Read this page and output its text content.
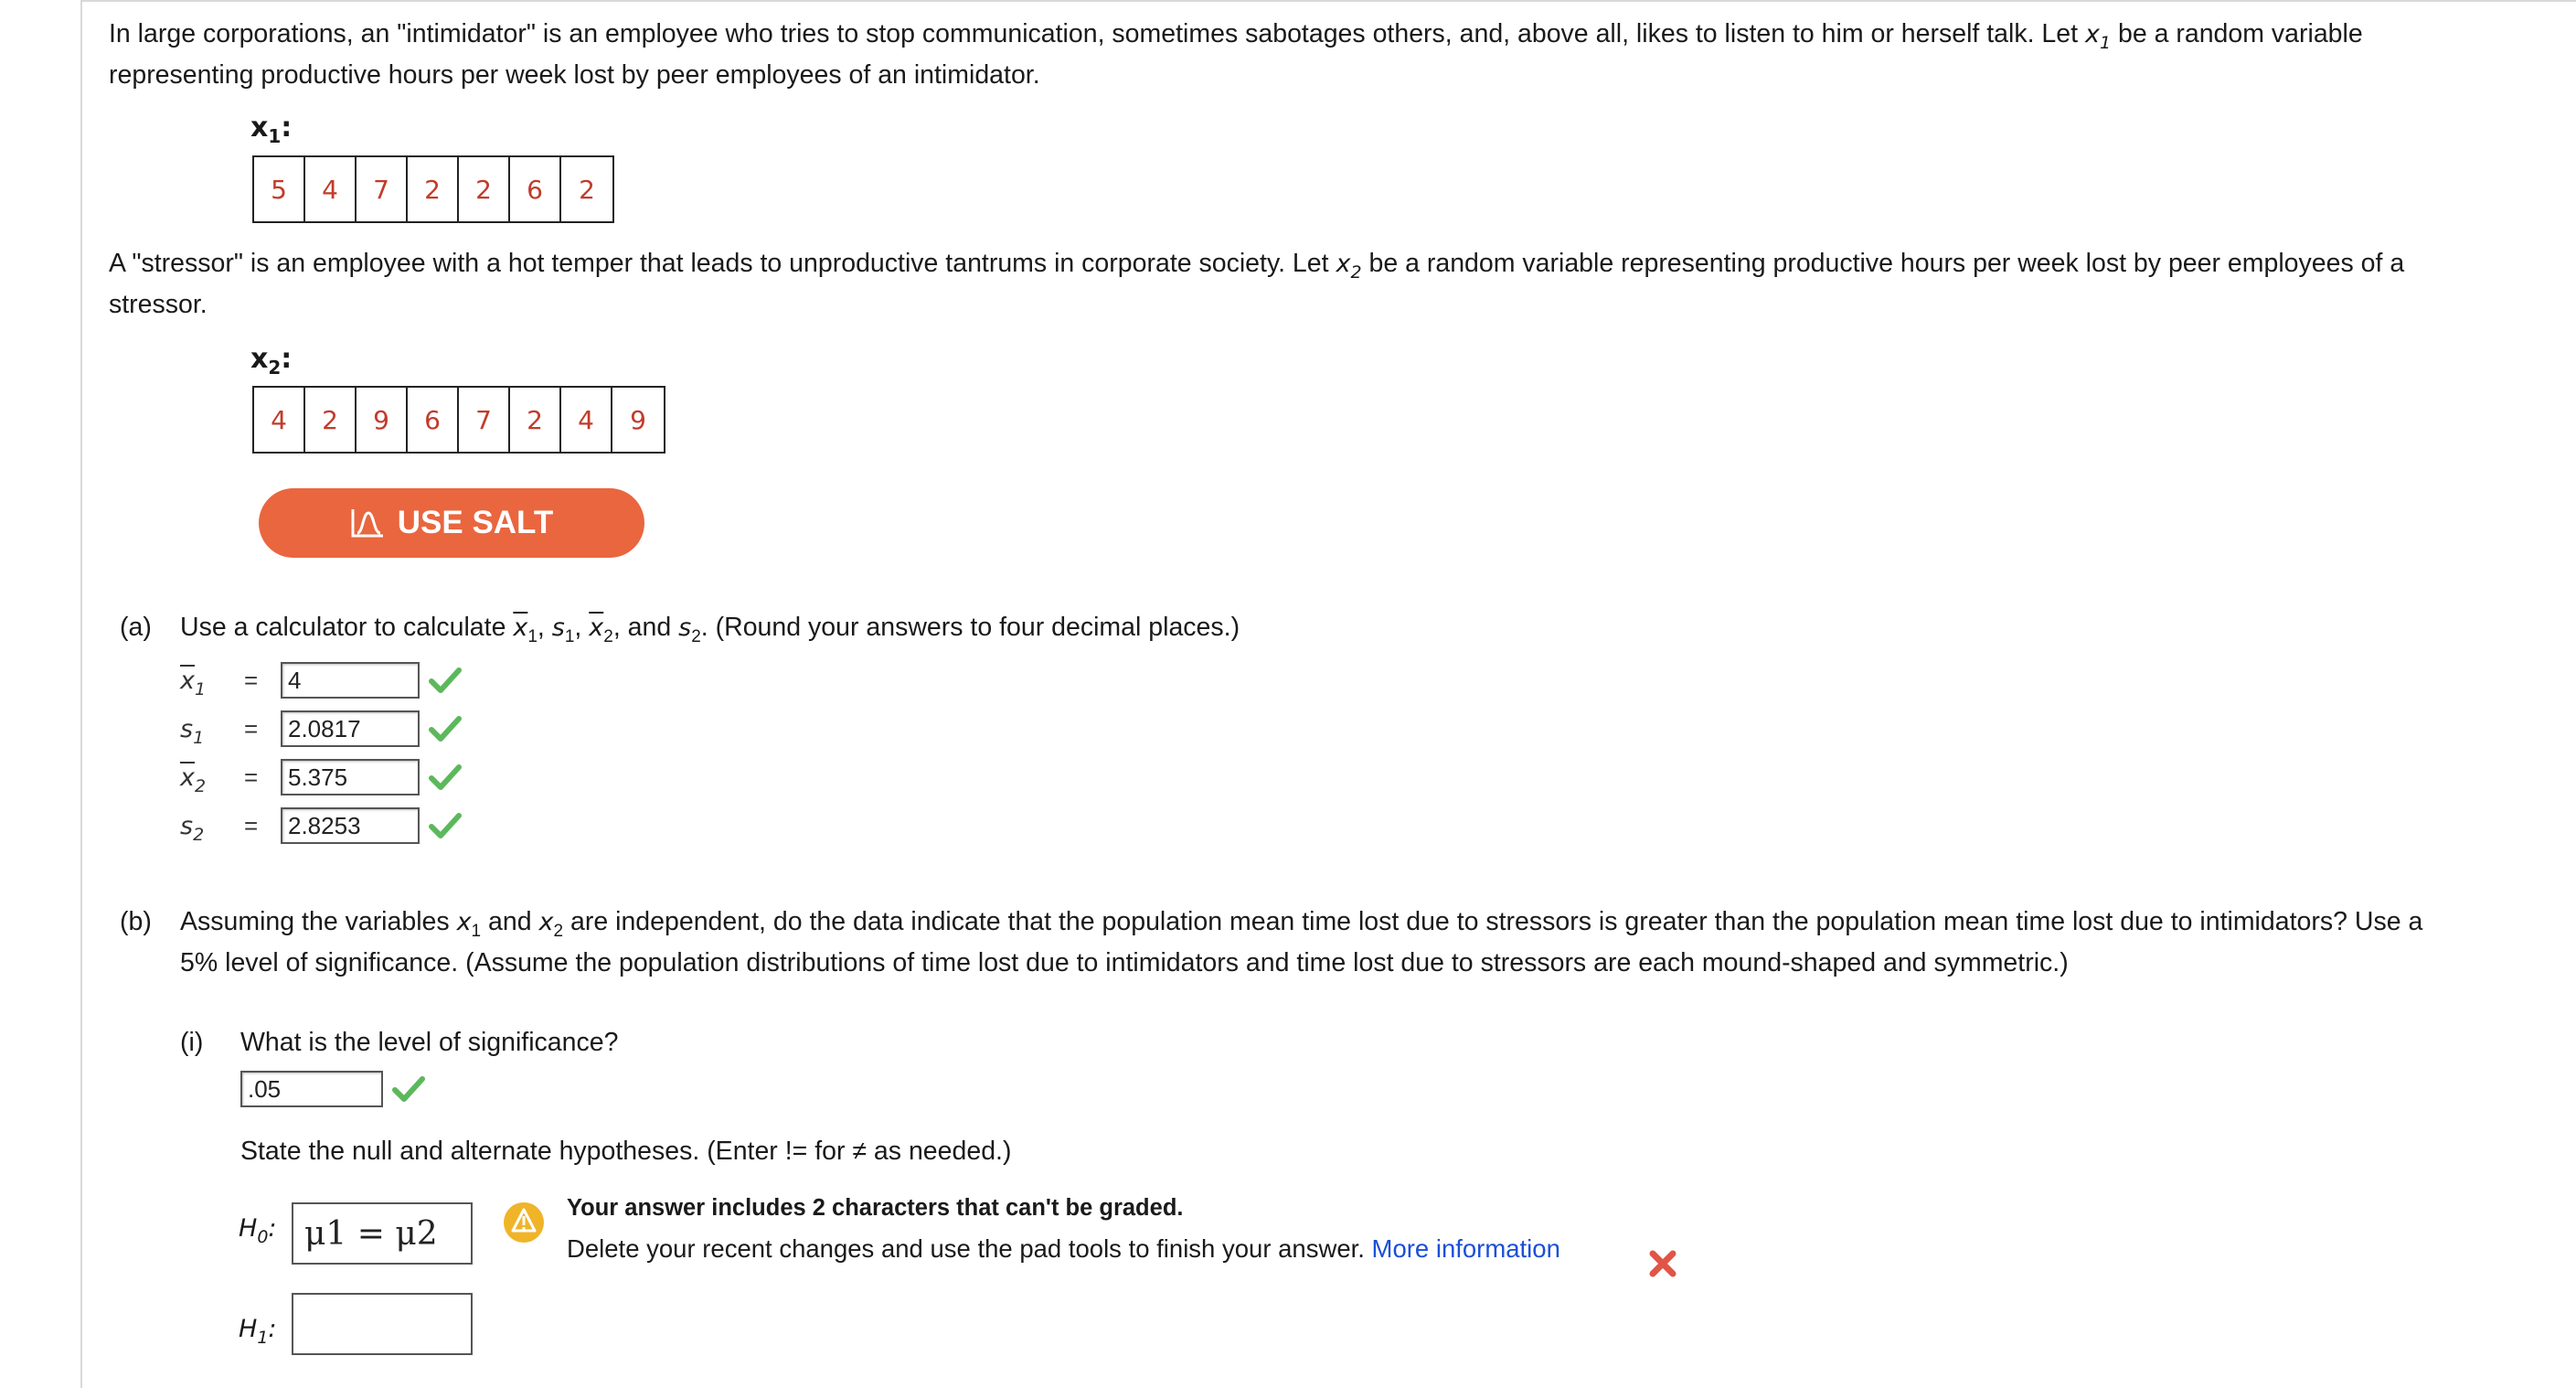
In large corporations, an "intimidator" is an employee who tries to stop communication, sometimes sabotages others, and, above all, likes to listen to him or herself talk. Let $x_1$ be a random variable
representing productive hours per week lost by peer employees of an intimidator.
$x_1$:
5	4	7	2	2	6	2
A "stressor" is an employee with a hot temper that leads to unproductive tantrums in corporate society. Let $x_2$ be a random variable representing productive hours per week lost by peer employees of a
stressor.
$x_2$:
4	2	9	6	7	2	4	9
USE SALT
(a) Use a calculator to calculate $\overline{x}_1$, $s_1$, $\overline{x}_2$, and $s_2$. (Round your answers to four decimal places.)
$\overline{x}_1$	=	4
$s_1$	=	2.0817
$\overline{x}_2$	=	5.375
$s_2$	=	2.8253
(b) Assuming the variables $x_1$ and $x_2$ are independent, do the data indicate that the population mean time lost due to stressors is greater than the population mean time lost due to intimidators? Use a
5% level of significance. (Assume the population distributions of time lost due to intimidators and time lost due to stressors are each mound-shaped and symmetric.)
(i) What is the level of significance?
.05
State the null and alternate hypotheses. (Enter != for ≠ as needed.)
$H_0$: μ1 = μ2
Your answer includes 2 characters that can't be graded.
Delete your recent changes and use the pad tools to finish your answer. More information
$H_1$:
